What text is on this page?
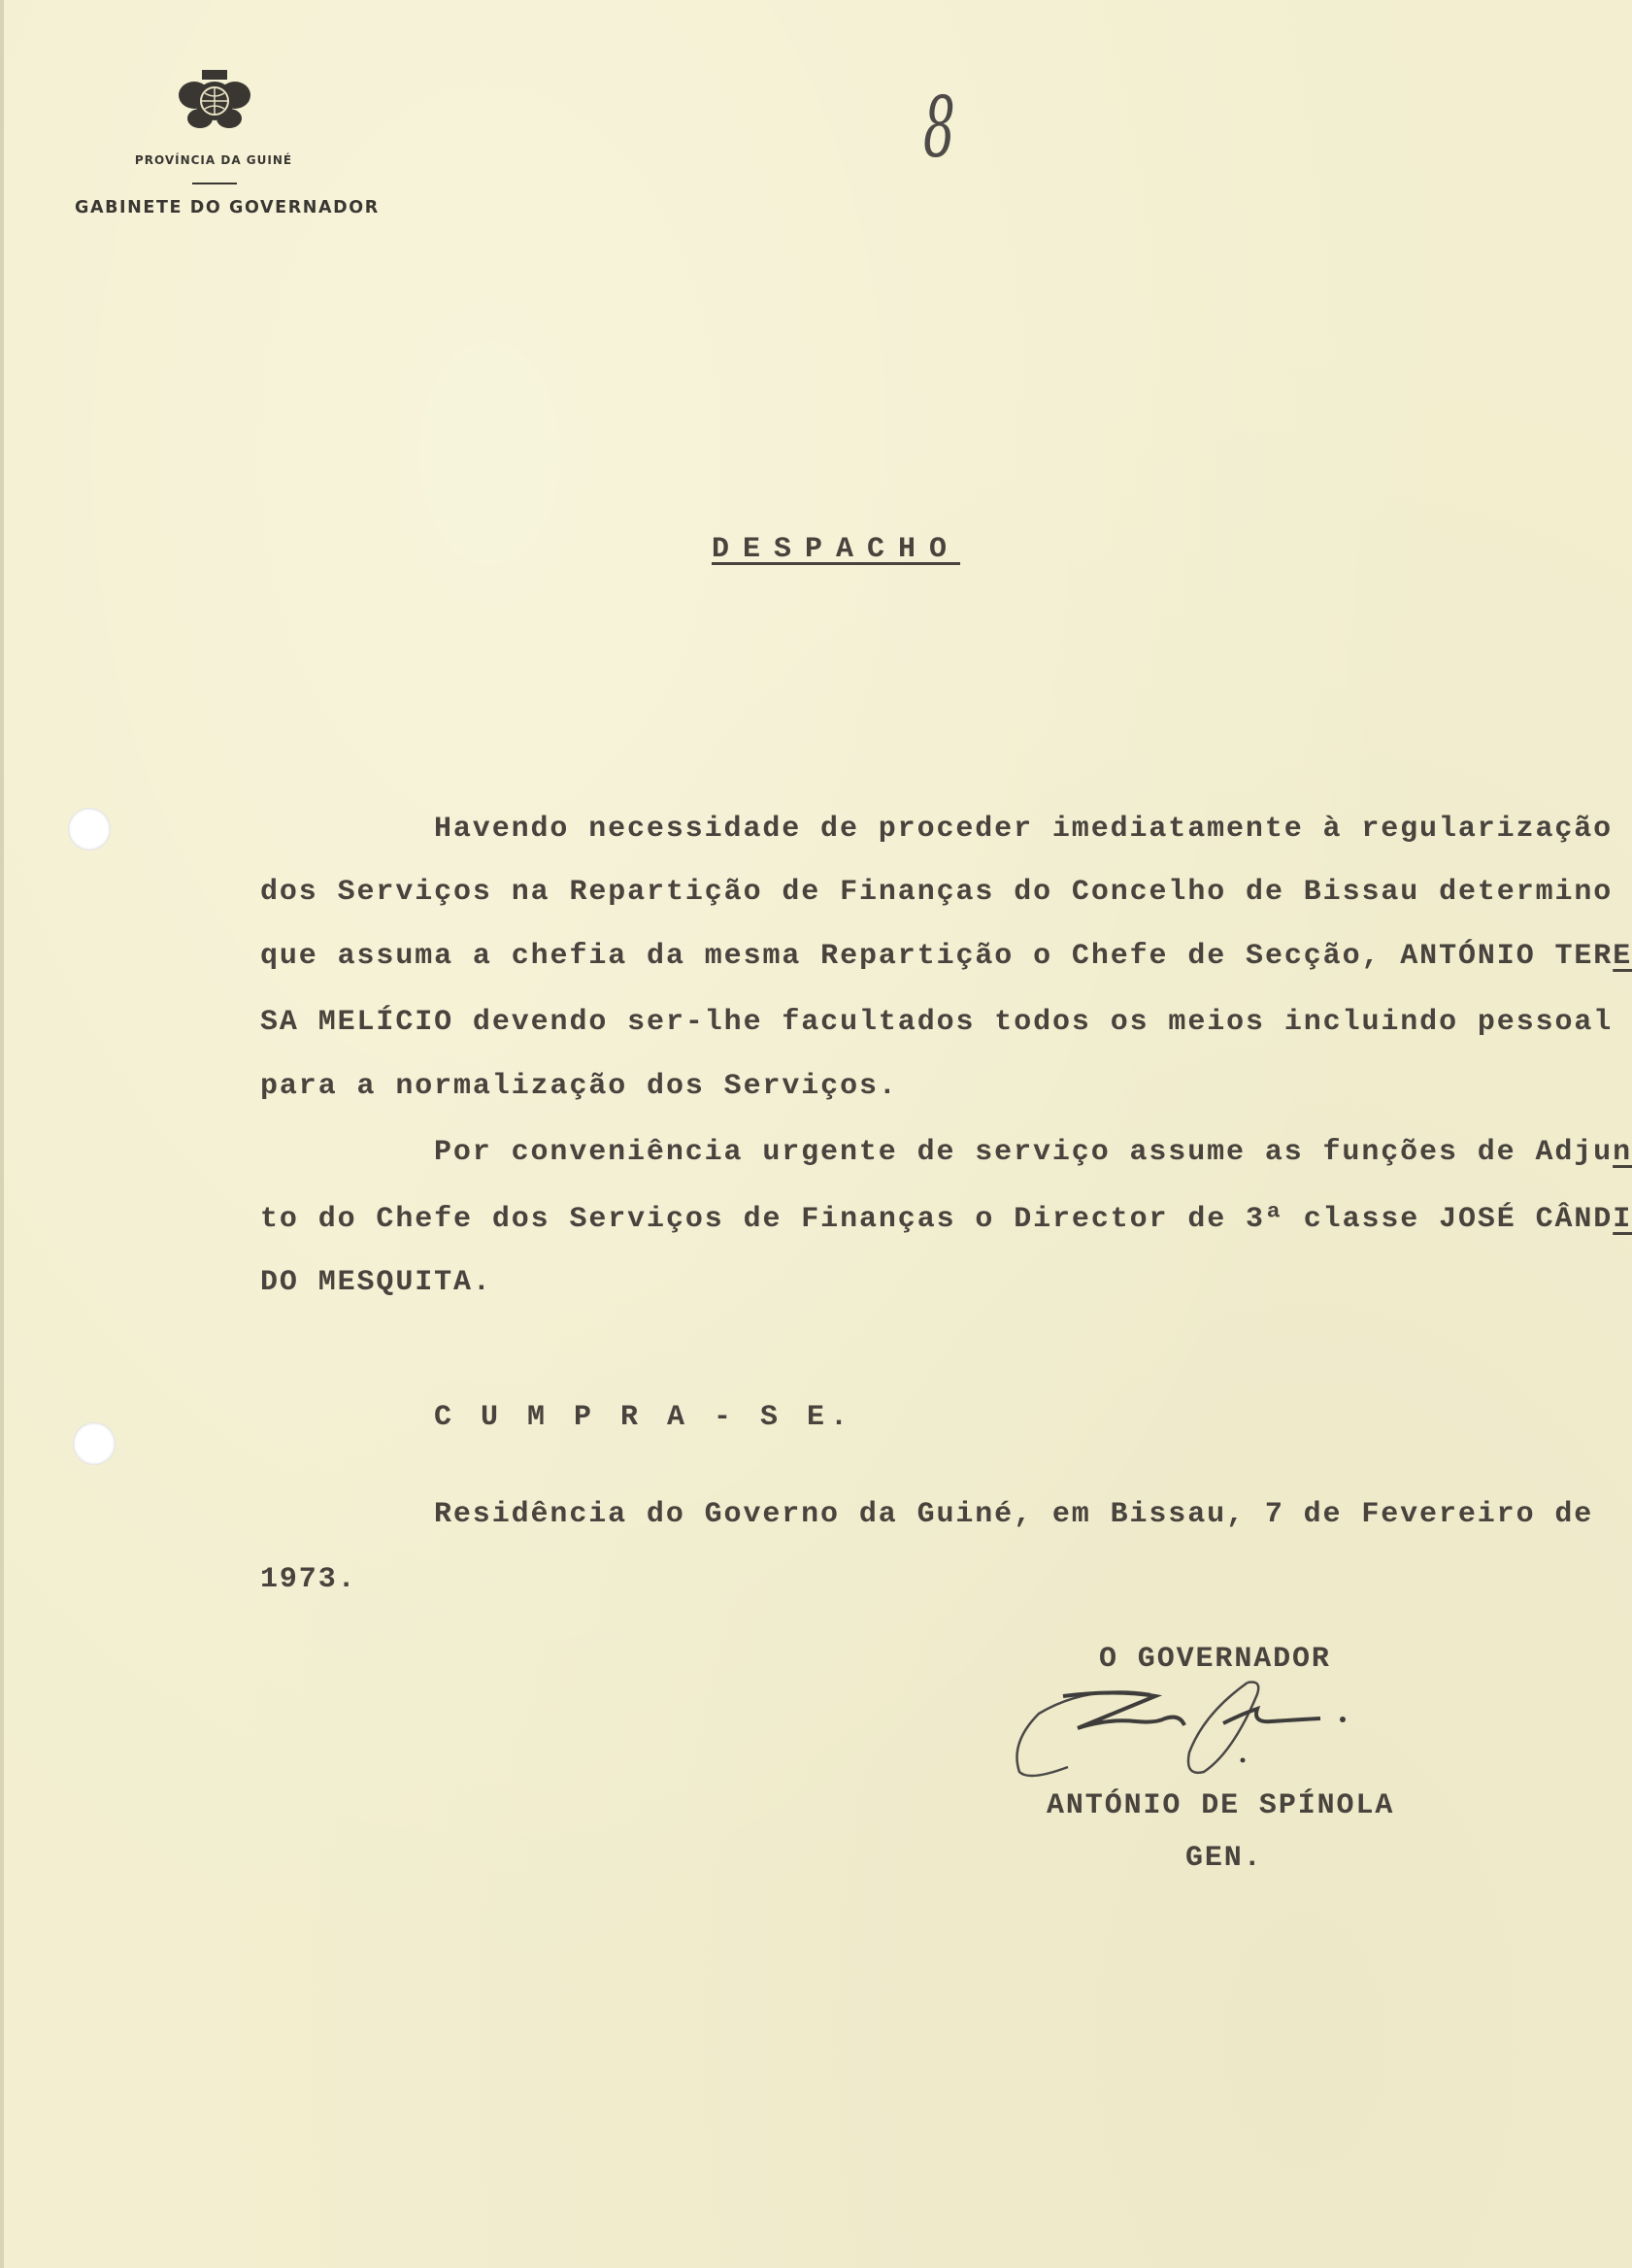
PROVÍNCIA DA GUINÉ
GABINETE DO GOVERNADOR
8
DESPACHO
Havendo necessidade de proceder imediatamente à regularização
dos Serviços na Repartição de Finanças do Concelho de Bissau determino
que assuma a chefia da mesma Repartição o Chefe de Secção, ANTÓNIO TERE
SA MELÍCIO devendo ser-lhe facultados todos os meios incluindo pessoal
para a normalização dos Serviços.
Por conveniência urgente de serviço assume as funções de Adjun
to do Chefe dos Serviços de Finanças o Director de 3ª classe JOSÉ CÂNDI
DO MESQUITA.
C U M P R A - S E.
Residência do Governo da Guiné, em Bissau, 7 de Fevereiro de
1973.
O GOVERNADOR
ANTÓNIO DE SPÍNOLA
GEN.
